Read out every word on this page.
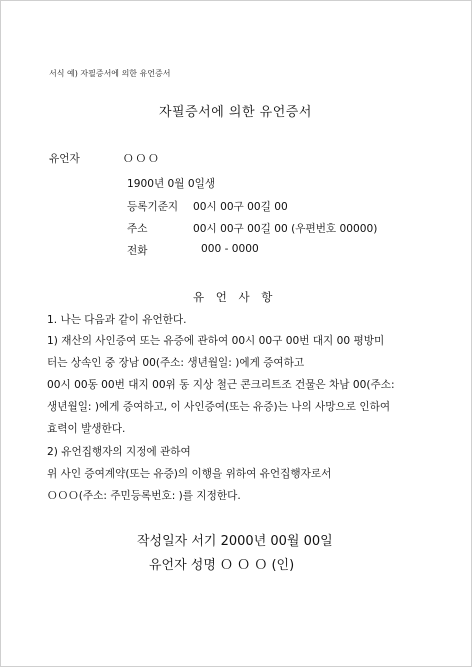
서식 예) 자필증서에 의한 유언증서
자필증서에 의한 유언증서
유언자	ＯＯＯ
1900년 0월 0일생
등록기준지 00시 00구 00길 00
주소	00시 00구 00길 00 (우편번호 00000)
전화	000 - 0000
유 언 사 항
1. 나는 다음과 같이 유언한다.
1) 재산의 사인증여 또는 유증에 관하여 00시 00구 00번 대지 00 평방미
터는 상속인 중 장남 00(주소: 생년월일: )에게 증여하고
00시 00동 00번 대지 00위 동 지상 철근 콘크리트조 건물은 차남 00(주소:
생년월일: )에게 증여하고, 이 사인증여(또는 유증)는 나의 사망으로 인하여
효력이 발생한다.
2) 유언집행자의 지정에 관하여
위 사인 증여계약(또는 유증)의 이행을 위하여 유언집행자로서
ＯＯＯ(주소: 주민등록번호: )를 지정한다.
작성일자 서기 2000년 00월 00일
유언자 성명 Ｏ Ｏ Ｏ (인)
